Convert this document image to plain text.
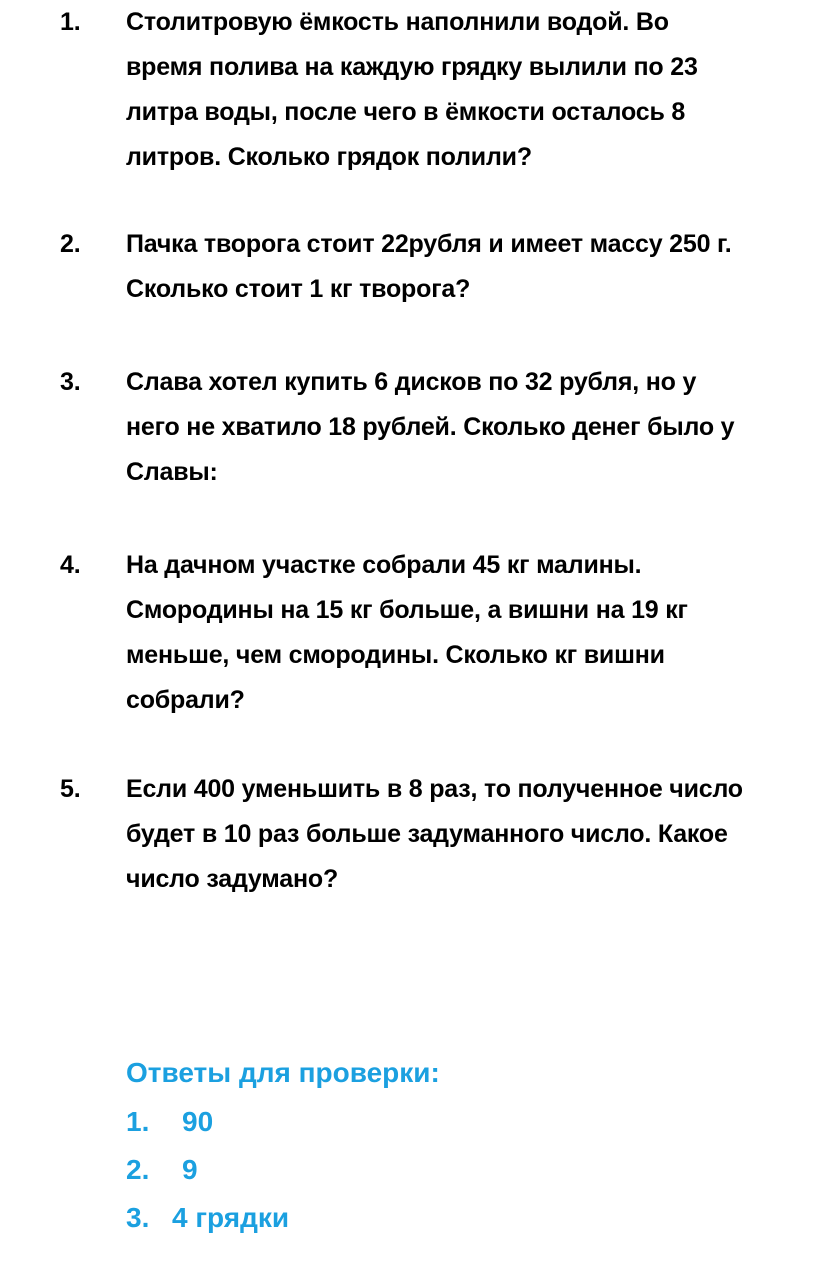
1.	Столитровую ёмкость наполнили водой. Во
время полива на каждую грядку вылили по 23
литра воды, после чего в ёмкости осталось 8
литров. Сколько грядок полили?
2.	Пачка творога стоит 22рубля и имеет массу 250 г.
Сколько стоит 1 кг творога?
3.	Слава хотел купить 6 дисков по 32 рубля, но у
него не хватило 18 рублей. Сколько денег было у
Славы:
4.	На дачном участке собрали 45 кг малины.
Смородины на 15 кг больше, а вишни на 19 кг
меньше, чем смородины. Сколько кг вишни
собрали?
5.	Если 400 уменьшить в 8 раз, то полученное число
будет в 10 раз больше задуманного число. Какое
число задумано?
Ответы для проверки:
1. 90
2. 9
3. 4 грядки
